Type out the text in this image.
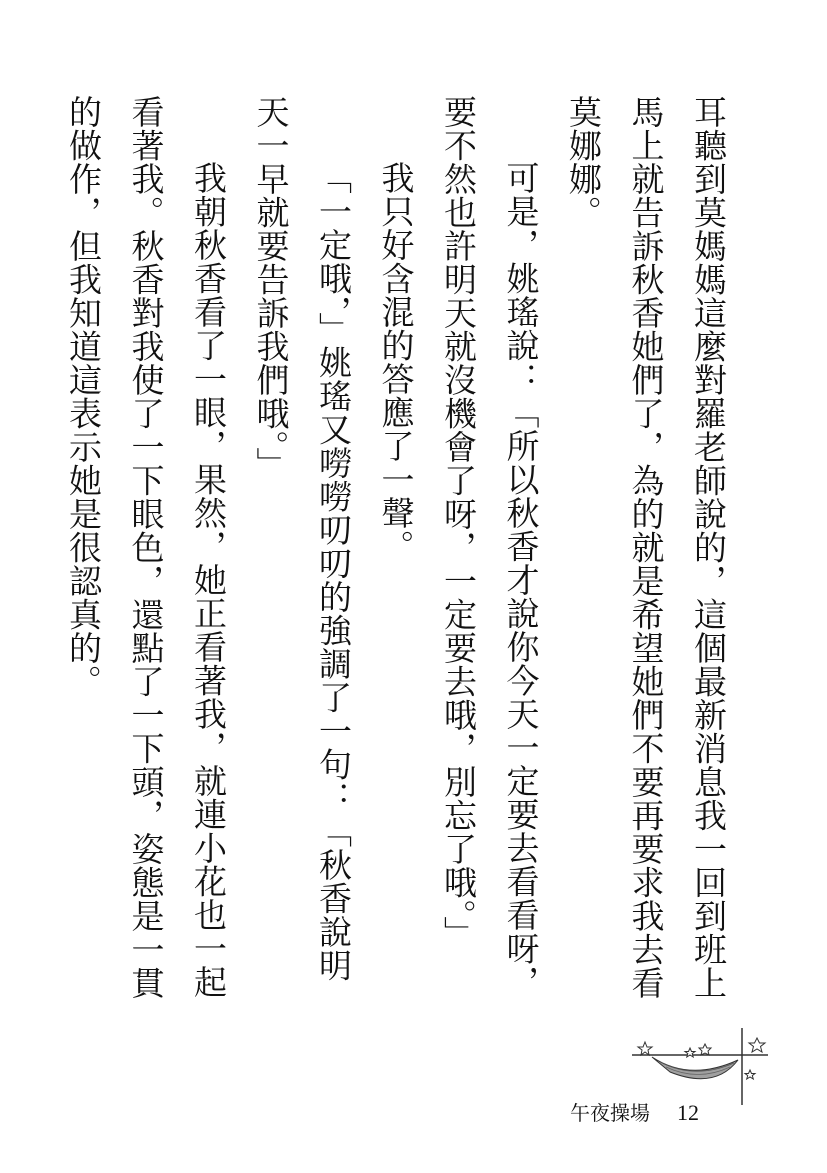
耳聽到莫媽媽這麼對羅老師說的，這個最新消息我一回到班上馬上就告訴秋香她們了，為的就是希望她們不要再要求我去看莫娜娜。

可是，姚瑤說：「所以秋香才說你今天一定要去看看呀，要不然也許明天就沒機會了呀，一定要去哦，別忘了哦。」

我只好含混的答應了一聲。

「一定哦，」姚瑤又嘮嘮叨叨的強調了一句：「秋香說明天一早就要告訴我們哦。」

我朝秋香看了一眼，果然，她正看著我，就連小花也一起看著我。秋香對我使了一下眼色，還點了一下頭，姿態是一貫的做作，但我知道這表示她是很認真的。

午夜操場 12
